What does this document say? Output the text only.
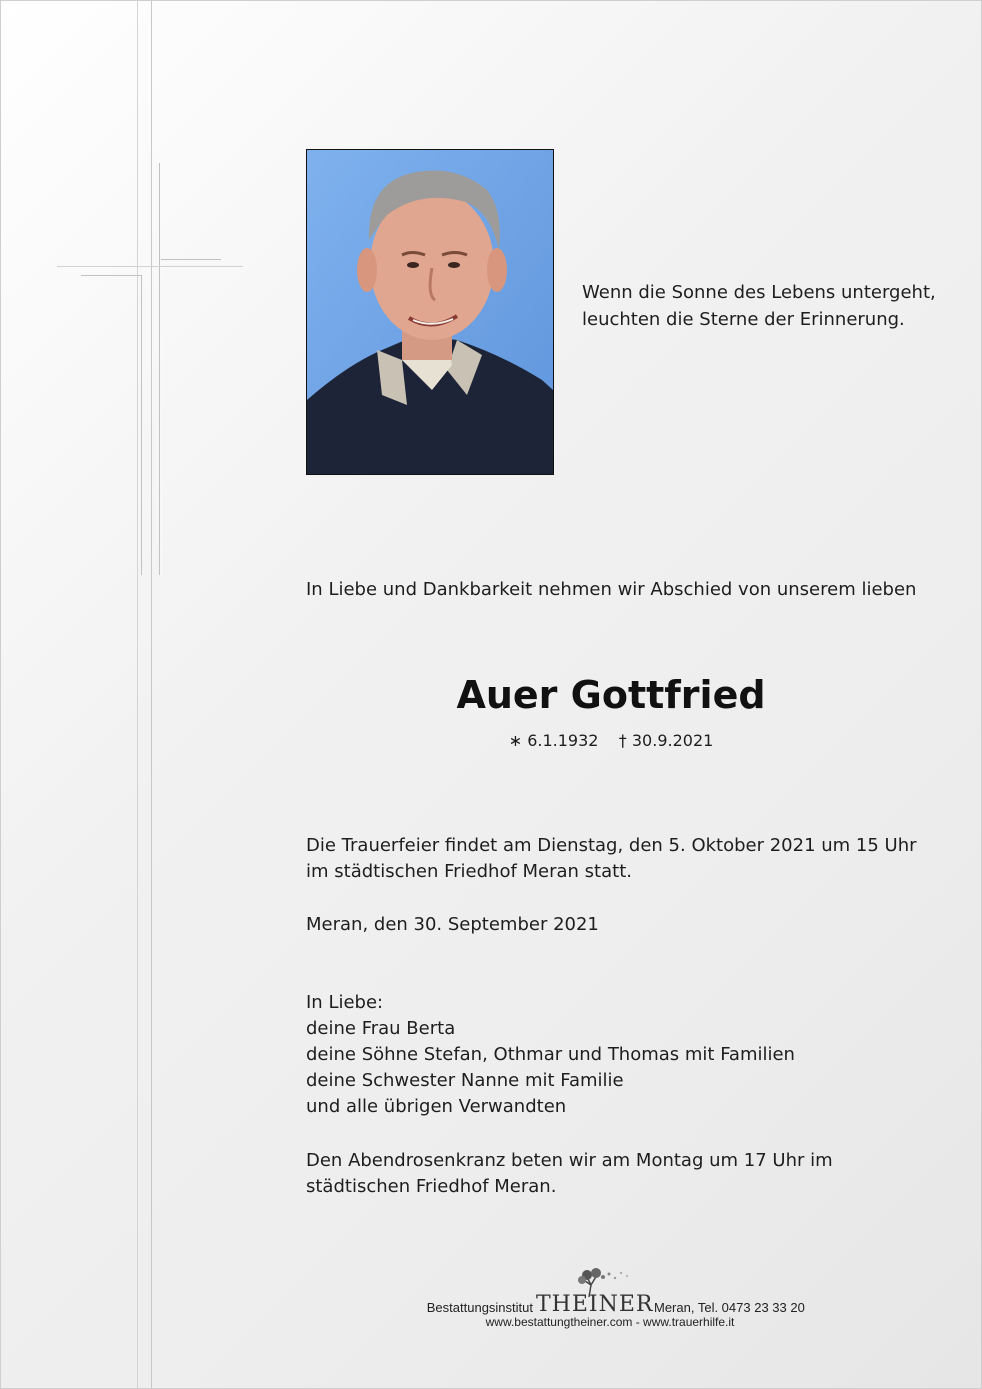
Wenn die Sonne des Lebens untergeht,
leuchten die Sterne der Erinnerung.
In Liebe und Dankbarkeit nehmen wir Abschied von unserem lieben
Auer Gottfried
∗ 6.1.1932 † 30.9.2021
Die Trauerfeier findet am Dienstag, den 5. Oktober 2021 um 15 Uhr
im städtischen Friedhof Meran statt.
Meran, den 30. September 2021
In Liebe:
deine Frau Berta
deine Söhne Stefan, Othmar und Thomas mit Familien
deine Schwester Nanne mit Familie
und alle übrigen Verwandten
Den Abendrosenkranz beten wir am Montag um 17 Uhr im
städtischen Friedhof Meran.
Bestattungsinstitut THEINER Meran, Tel. 0473 23 33 20
www.bestattungtheiner.com - www.trauerhilfe.it
